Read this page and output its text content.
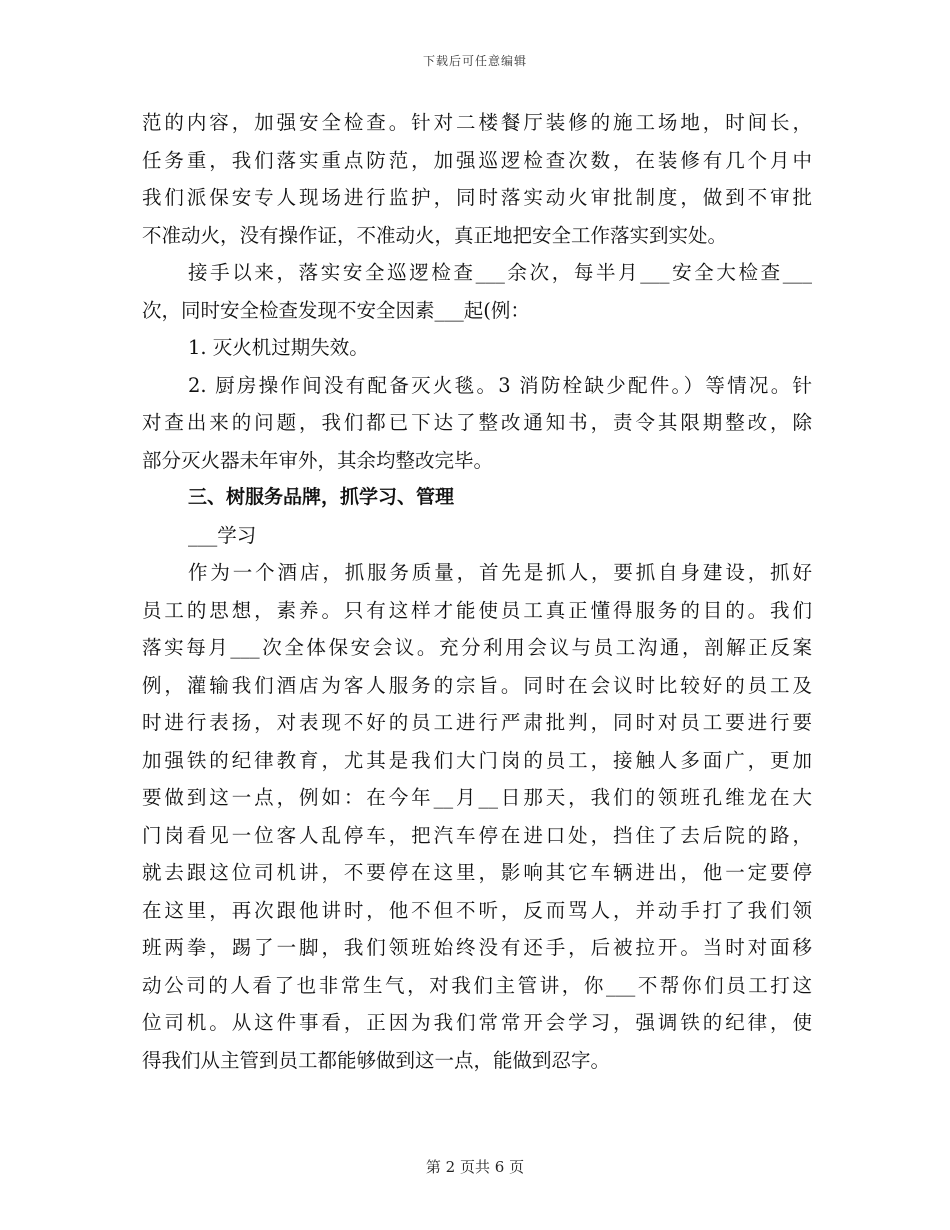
下载后可任意编辑
范的内容，加强安全检查。针对二楼餐厅装修的施工场地，时间长，
任务重，我们落实重点防范，加强巡逻检查次数，在装修有几个月中
我们派保安专人现场进行监护，同时落实动火审批制度，做到不审批
不准动火，没有操作证，不准动火，真正地把安全工作落实到实处。
接手以来，落实安全巡逻检查___余次，每半月___安全大检查___
次，同时安全检查发现不安全因素___起(例：
1. 灭火机过期失效。
2. 厨房操作间没有配备灭火毯。3 消防栓缺少配件。）等情况。针
对查出来的问题，我们都已下达了整改通知书，责令其限期整改，除
部分灭火器未年审外，其余均整改完毕。
三、树服务品牌，抓学习、管理
___学习
作为一个酒店，抓服务质量，首先是抓人，要抓自身建设，抓好
员工的思想，素养。只有这样才能使员工真正懂得服务的目的。我们
落实每月___次全体保安会议。充分利用会议与员工沟通，剖解正反案
例，灌输我们酒店为客人服务的宗旨。同时在会议时比较好的员工及
时进行表扬，对表现不好的员工进行严肃批判，同时对员工要进行要
加强铁的纪律教育，尤其是我们大门岗的员工，接触人多面广，更加
要做到这一点，例如：在今年__月__日那天，我们的领班孔维龙在大
门岗看见一位客人乱停车，把汽车停在进口处，挡住了去后院的路，
就去跟这位司机讲，不要停在这里，影响其它车辆进出，他一定要停
在这里，再次跟他讲时，他不但不听，反而骂人，并动手打了我们领
班两拳，踢了一脚，我们领班始终没有还手，后被拉开。当时对面移
动公司的人看了也非常生气，对我们主管讲，你___不帮你们员工打这
位司机。从这件事看，正因为我们常常开会学习，强调铁的纪律，使
得我们从主管到员工都能够做到这一点，能做到忍字。
第 2 页共 6 页
